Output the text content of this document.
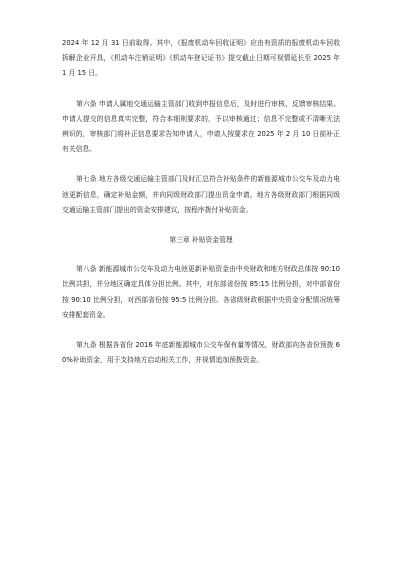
2024 年 12 月 31 日前取得。其中，《报废机动车回收证明》应由有资质的报废机动车回收拆解企业开具，《机动车注销证明》《机动车登记证书》提交截止日期可视情延长至 2025 年 1 月 15 日。

第六条 申请人属地交通运输主管部门收到申报信息后，及时进行审核、反馈审核结果。申请人提交的信息真实完整，符合本细则要求的，予以审核通过；信息不完整或不清晰无法辨识的，审核部门将补正信息要求告知申请人，申请人按要求在 2025 年 2 月 10 日前补正有关信息。

第七条 地方各级交通运输主管部门及时汇总符合补贴条件的新能源城市公交车及动力电池更新信息，确定补贴金额，并向同级财政部门提出资金申请。地方各级财政部门根据同级交通运输主管部门提出的资金安排建议，按程序拨付补贴资金。

第三章 补贴资金管理

第八条 新能源城市公交车及动力电池更新补贴资金由中央财政和地方财政总体按 90:10 比例共担，并分地区确定具体分担比例。其中，对东部省份按 85:15 比例分担，对中部省份按 90:10 比例分担，对西部省份按 95:5 比例分担。各省级财政根据中央资金分配情况统筹安排配套资金。

第九条 根据各省份 2016 年底新能源城市公交车保有量等情况，财政部向各省份预拨 60%补助资金，用于支持地方启动相关工作，并视情追加预拨资金。
